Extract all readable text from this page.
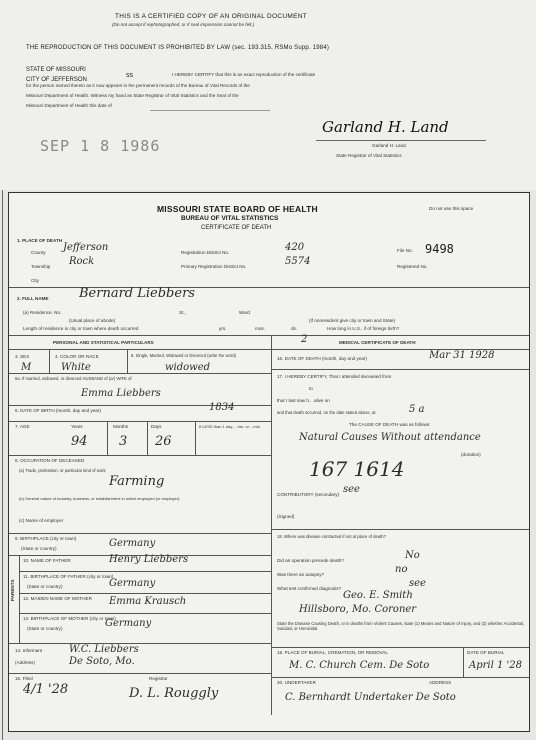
THIS IS A CERTIFIED COPY OF AN ORIGINAL DOCUMENT
(Do not accept if rephotographed, or if seal impression cannot be felt.)
THE REPRODUCTION OF THIS DOCUMENT IS PROHIBITED BY LAW (sec. 193.315, RSMo Supp. 1984)
STATE OF MISSOURI
CITY OF JEFFERSON
ss	I HEREBY CERTIFY that this is an exact reproduction of the certificate
for the person named therein as it now appears in the permanent records of the Bureau of Vital Records of the
Missouri Department of Health. Witness my hand as State Registrar of Vital Statistics and the Seal of the
Missouri Department of Health this date of
SEP 1 8 1986
Garland H. Land
Garland H. Land
State Registrar of Vital Statistics
MISSOURI STATE BOARD OF HEALTH
BUREAU OF VITAL STATISTICS
CERTIFICATE OF DEATH
Do not use this space
1. PLACE OF DEATH
County Jefferson
Township Rock
Registration District No.	420
Primary Registration District No.	5574
City
File No. 9498
Registered No.
2. FULL NAME Bernard Liebbers
(a) Residence. No.	St.,	Ward
(Usual place of abode)	(If nonresident give city or town and State)
Length of residence in city or town where death occurred	yrs.	mos.	ds.	How long in U.S., if of foreign birth?
PERSONAL AND STATISTICAL PARTICULARS	MEDICAL CERTIFICATE OF DEATH
2
3. SEX
M
4. COLOR OR RACE
White
5. Single, Married, Widowed or Divorced (write the word)
widowed
5a. If married, widowed, or divorced HUSBAND of (or) WIFE of
Emma Liebbers
6. DATE OF BIRTH (month, day and year)	1834
7. AGE	Years	Months	Days	If LESS than 1 day, ...hrs. or ...min.
94 3 26
8. OCCUPATION OF DECEASED
(a) Trade, profession, or particular kind of work
Farming
(b) General nature of industry, business, or establishment in which employed (or employer)
(c) Name of employer
9. BIRTHPLACE (city or town)
(State or country)	Germany
PARENTS
10. NAME OF FATHER	Henry Liebbers
11. BIRTHPLACE OF FATHER (city or town)
(State or country)	Germany
12. MAIDEN NAME OF MOTHER Emma Krausch
13. BIRTHPLACE OF MOTHER (city or town)
(State or country)	Germany
14. Informant	W.C. Liebbers
(Address)	De Soto, Mo.
15. Filed
4/1 '28
Registrar
D. L. Rouggly
16. DATE OF DEATH (month, day and year)	Mar 31 1928
17. I HEREBY CERTIFY, That I attended deceased from
to
that I last saw h... alive on
and that death occurred, on the date stated above, at	5 a
The CAUSE OF DEATH was as follows:
Natural Causes Without attendance
(duration)
167 1614
CONTRIBUTORY (secondary) see
(Signed)
18. Where was disease contracted if not at place of death?
Did an operation precede death?	No
Was there an autopsy?	no
What test confirmed diagnosis?	see
Geo. E. Smith
Hillsboro, Mo. Coroner
State the Disease Causing Death, or in deaths from Violent Causes, state (1) Means and Nature of Injury, and (2) whether Accidental, Suicidal, or Homicidal.
19. PLACE OF BURIAL, CREMATION, OR REMOVAL
M. C. Church Cem. De Soto
DATE OF BURIAL
April 1 '28
20. UNDERTAKER	ADDRESS
C. Bernhardt Undertaker De Soto
